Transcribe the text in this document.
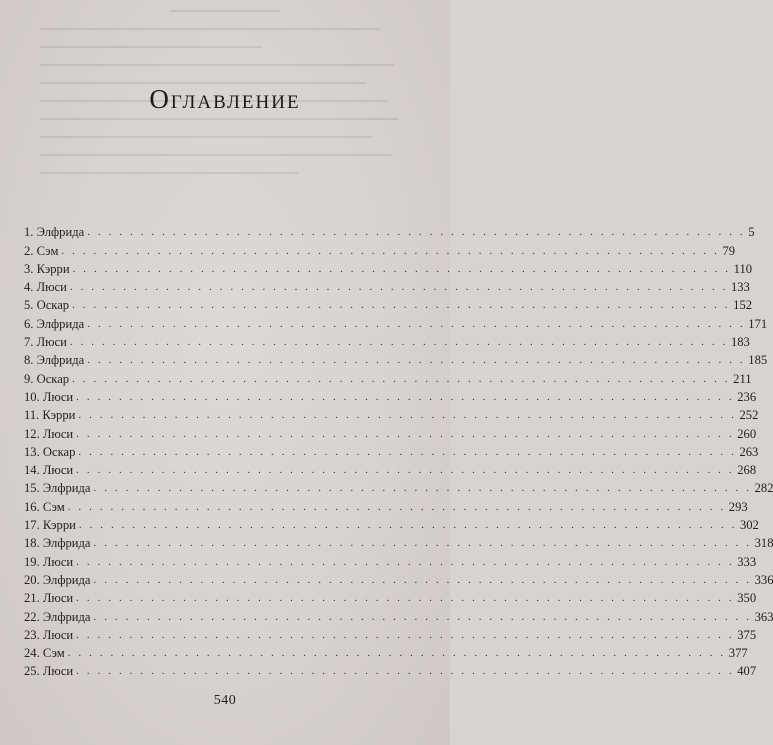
Оглавление
1. Элфрида . . . . . . . . . . . . . . . . . . . . . . . . . . . . . . . . . . . . . . . . . . . . . . . . . . . . . . . . . . . . . . 5
2. Сэм . . . . . . . . . . . . . . . . . . . . . . . . . . . . . . . . . . . . . . . . . . . . . . . . . . . . . . . . . . . . . . 79
3. Кэрри . . . . . . . . . . . . . . . . . . . . . . . . . . . . . . . . . . . . . . . . . . . . . . . . . . . . . . . . . . . . . . 110
4. Люси . . . . . . . . . . . . . . . . . . . . . . . . . . . . . . . . . . . . . . . . . . . . . . . . . . . . . . . . . . . . . . 133
5. Оскар . . . . . . . . . . . . . . . . . . . . . . . . . . . . . . . . . . . . . . . . . . . . . . . . . . . . . . . . . . . . . . 152
6. Элфрида . . . . . . . . . . . . . . . . . . . . . . . . . . . . . . . . . . . . . . . . . . . . . . . . . . . . . . . . . . . . . . 171
7. Люси . . . . . . . . . . . . . . . . . . . . . . . . . . . . . . . . . . . . . . . . . . . . . . . . . . . . . . . . . . . . . . 183
8. Элфрида . . . . . . . . . . . . . . . . . . . . . . . . . . . . . . . . . . . . . . . . . . . . . . . . . . . . . . . . . . . . . . 185
9. Оскар . . . . . . . . . . . . . . . . . . . . . . . . . . . . . . . . . . . . . . . . . . . . . . . . . . . . . . . . . . . . . . 211
10. Люси . . . . . . . . . . . . . . . . . . . . . . . . . . . . . . . . . . . . . . . . . . . . . . . . . . . . . . . . . . . . . . 236
11. Кэрри . . . . . . . . . . . . . . . . . . . . . . . . . . . . . . . . . . . . . . . . . . . . . . . . . . . . . . . . . . . . . . 252
12. Люси . . . . . . . . . . . . . . . . . . . . . . . . . . . . . . . . . . . . . . . . . . . . . . . . . . . . . . . . . . . . . . 260
13. Оскар . . . . . . . . . . . . . . . . . . . . . . . . . . . . . . . . . . . . . . . . . . . . . . . . . . . . . . . . . . . . . . 263
14. Люси . . . . . . . . . . . . . . . . . . . . . . . . . . . . . . . . . . . . . . . . . . . . . . . . . . . . . . . . . . . . . . 268
15. Элфрида . . . . . . . . . . . . . . . . . . . . . . . . . . . . . . . . . . . . . . . . . . . . . . . . . . . . . . . . . . . . . . 282
16. Сэм . . . . . . . . . . . . . . . . . . . . . . . . . . . . . . . . . . . . . . . . . . . . . . . . . . . . . . . . . . . . . . 293
17. Кэрри . . . . . . . . . . . . . . . . . . . . . . . . . . . . . . . . . . . . . . . . . . . . . . . . . . . . . . . . . . . . . . 302
18. Элфрида . . . . . . . . . . . . . . . . . . . . . . . . . . . . . . . . . . . . . . . . . . . . . . . . . . . . . . . . . . . . . . 318
19. Люси . . . . . . . . . . . . . . . . . . . . . . . . . . . . . . . . . . . . . . . . . . . . . . . . . . . . . . . . . . . . . . 333
20. Элфрида . . . . . . . . . . . . . . . . . . . . . . . . . . . . . . . . . . . . . . . . . . . . . . . . . . . . . . . . . . . . . . 336
21. Люси . . . . . . . . . . . . . . . . . . . . . . . . . . . . . . . . . . . . . . . . . . . . . . . . . . . . . . . . . . . . . . 350
22. Элфрида . . . . . . . . . . . . . . . . . . . . . . . . . . . . . . . . . . . . . . . . . . . . . . . . . . . . . . . . . . . . . . 363
23. Люси . . . . . . . . . . . . . . . . . . . . . . . . . . . . . . . . . . . . . . . . . . . . . . . . . . . . . . . . . . . . . . 375
24. Сэм . . . . . . . . . . . . . . . . . . . . . . . . . . . . . . . . . . . . . . . . . . . . . . . . . . . . . . . . . . . . . . 377
25. Люси . . . . . . . . . . . . . . . . . . . . . . . . . . . . . . . . . . . . . . . . . . . . . . . . . . . . . . . . . . . . . . 407
540
